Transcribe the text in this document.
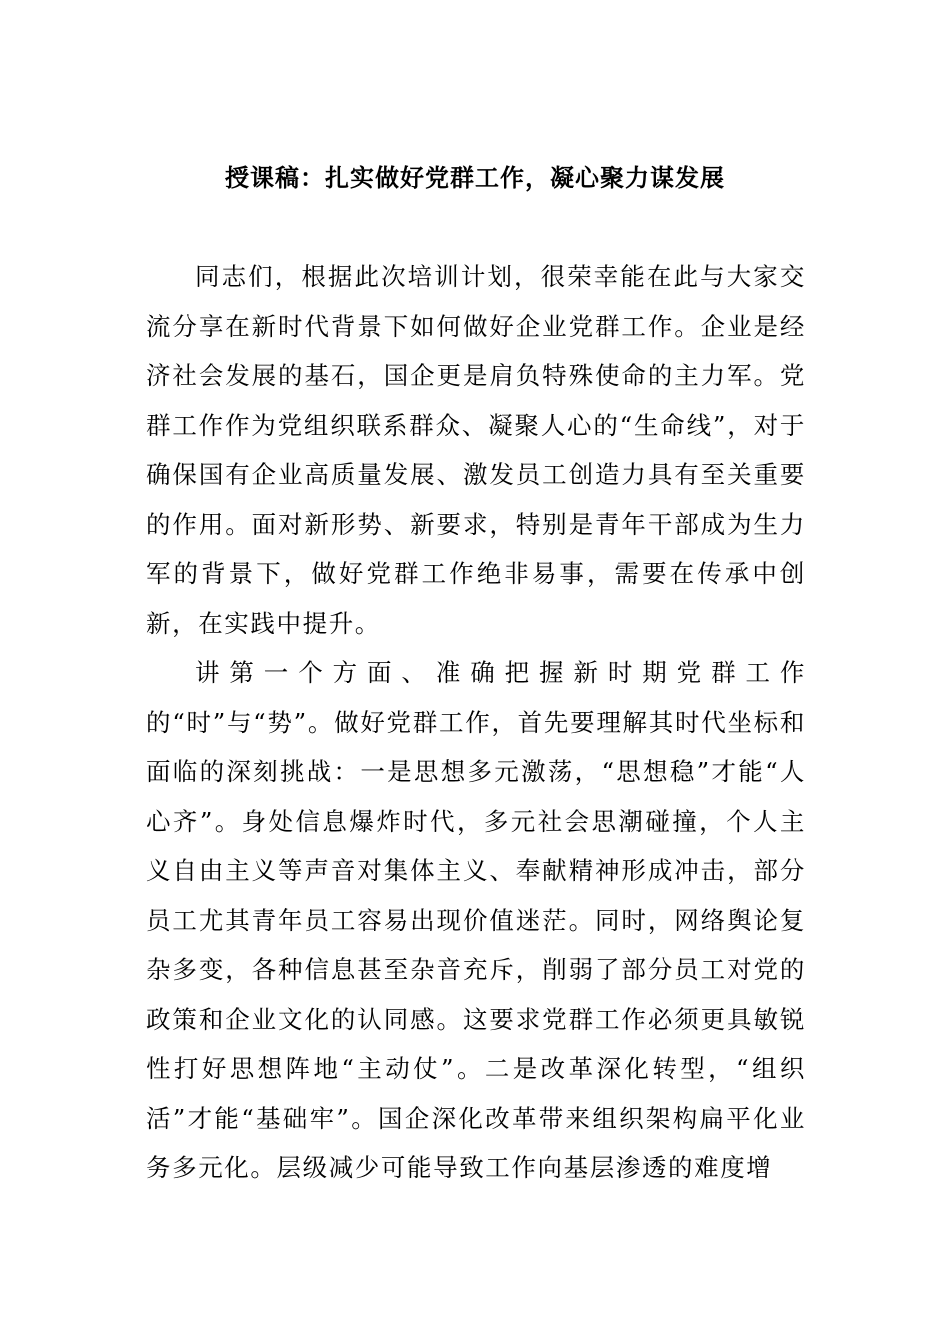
授课稿：扎实做好党群工作，凝心聚力谋发展

同志们，根据此次培训计划，很荣幸能在此与大家交流分享在新时代背景下如何做好企业党群工作。企业是经济社会发展的基石，国企更是肩负特殊使命的主力军。党群工作作为党组织联系群众、凝聚人心的“生命线”，对于确保国有企业高质量发展、激发员工创造力具有至关重要的作用。面对新形势、新要求，特别是青年干部成为生力军的背景下，做好党群工作绝非易事，需要在传承中创新，在实践中提升。

讲第一个方面、准确把握新时期党群工作的“时”与“势”。做好党群工作，首先要理解其时代坐标和面临的深刻挑战：一是思想多元激荡，“思想稳”才能“人心齐”。身处信息爆炸时代，多元社会思潮碰撞，个人主义自由主义等声音对集体主义、奉献精神形成冲击，部分员工尤其青年员工容易出现价值迷茫。同时，网络舆论复杂多变，各种信息甚至杂音充斥，削弱了部分员工对党的政策和企业文化的认同感。这要求党群工作必须更具敏锐性打好思想阵地“主动仗”。二是改革深化转型，“组织活”才能“基础牢”。国企深化改革带来组织架构扁平化业务多元化。层级减少可能导致工作向基层渗透的难度增
